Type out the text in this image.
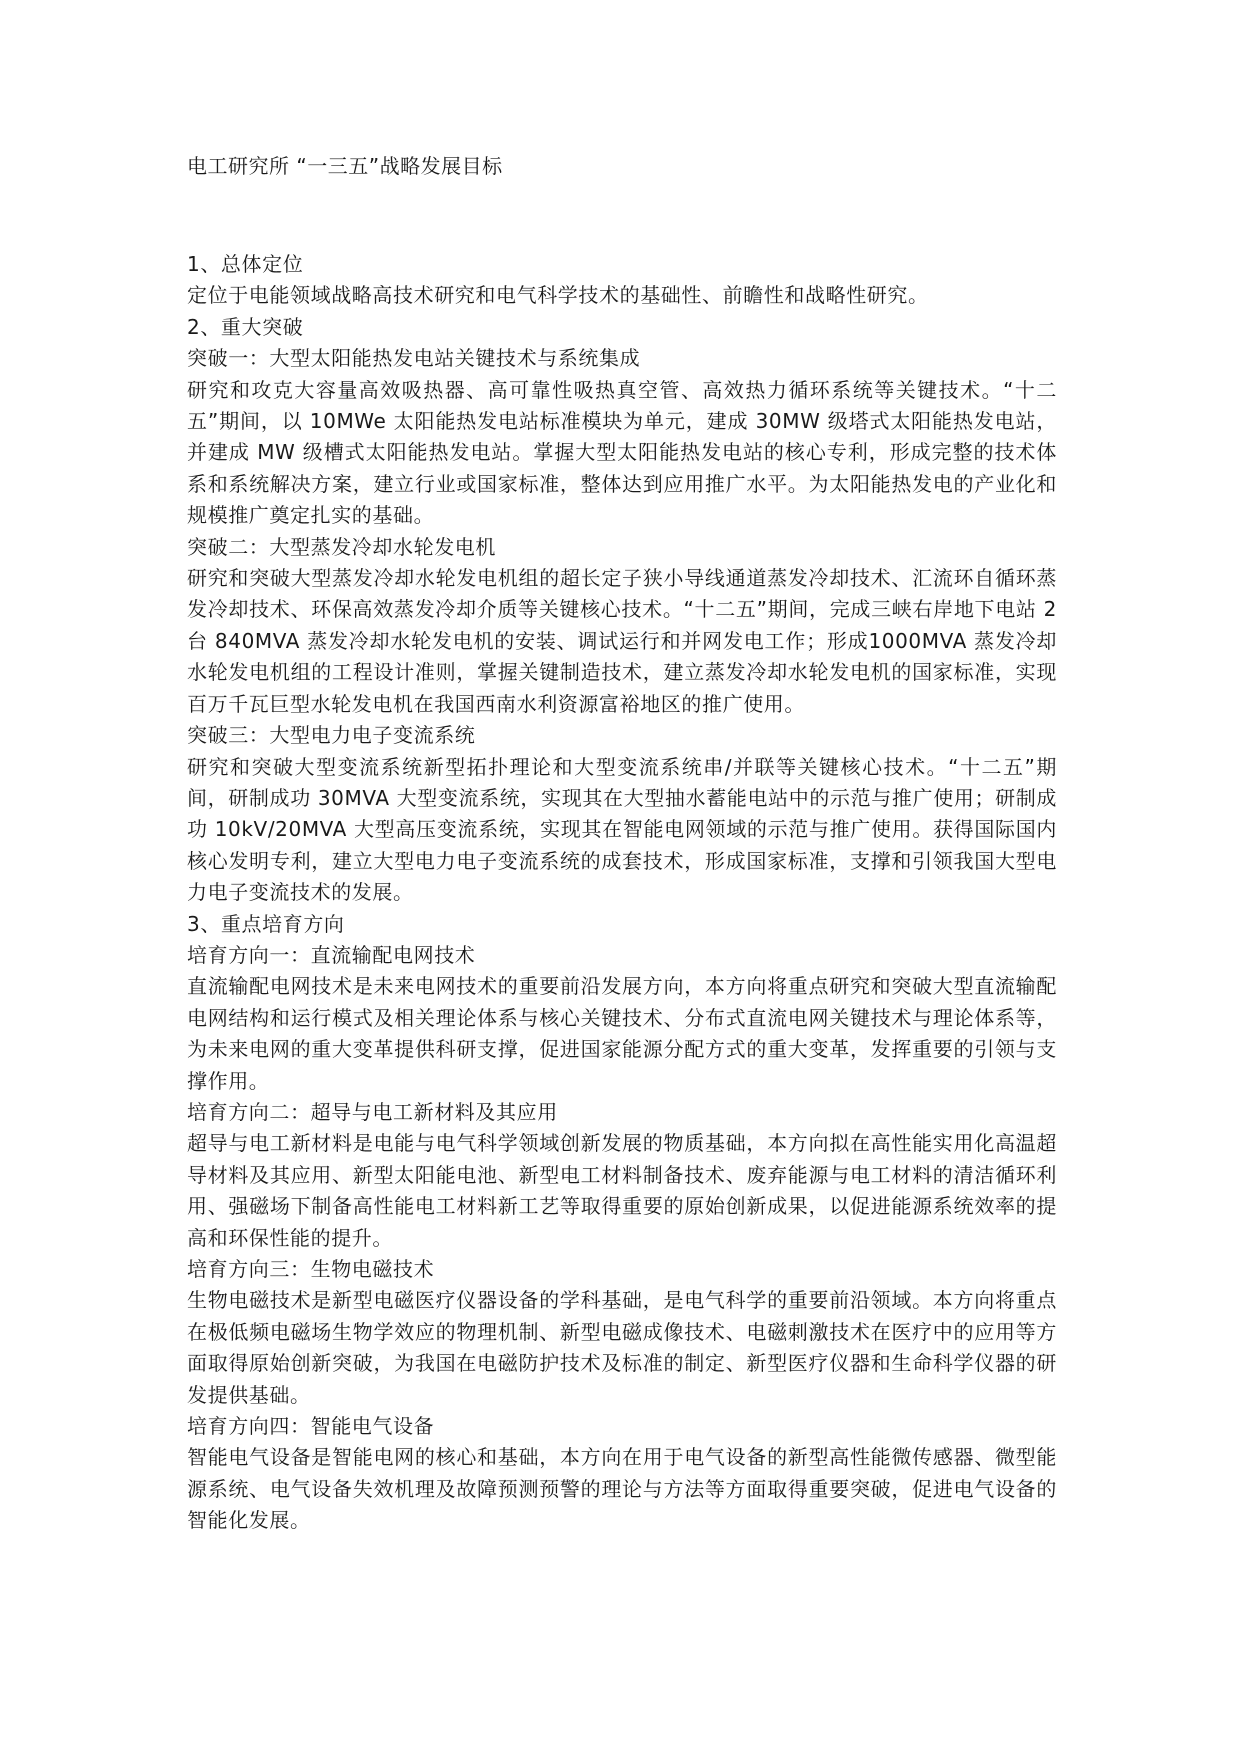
电工研究所 “一三五”战略发展目标

1、总体定位

定位于电能领域战略高技术研究和电气科学技术的基础性、前瞻性和战略性研究。

2、重大突破

突破一：大型太阳能热发电站关键技术与系统集成

研究和攻克大容量高效吸热器、高可靠性吸热真空管、高效热力循环系统等关键技术。“十二五”期间，以 10MWe 太阳能热发电站标准模块为单元，建成 30MW 级塔式太阳能热发电站，并建成 MW 级槽式太阳能热发电站。掌握大型太阳能热发电站的核心专利，形成完整的技术体系和系统解决方案，建立行业或国家标准，整体达到应用推广水平。为太阳能热发电的产业化和规模推广奠定扎实的基础。

突破二：大型蒸发冷却水轮发电机

研究和突破大型蒸发冷却水轮发电机组的超长定子狭小导线通道蒸发冷却技术、汇流环自循环蒸发冷却技术、环保高效蒸发冷却介质等关键核心技术。“十二五”期间，完成三峡右岸地下电站 2 台 840MVA 蒸发冷却水轮发电机的安装、调试运行和并网发电工作；形成1000MVA 蒸发冷却水轮发电机组的工程设计准则，掌握关键制造技术，建立蒸发冷却水轮发电机的国家标准，实现百万千瓦巨型水轮发电机在我国西南水利资源富裕地区的推广使用。

突破三：大型电力电子变流系统

研究和突破大型变流系统新型拓扑理论和大型变流系统串/并联等关键核心技术。“十二五”期间，研制成功 30MVA 大型变流系统，实现其在大型抽水蓄能电站中的示范与推广使用；研制成功 10kV/20MVA 大型高压变流系统，实现其在智能电网领域的示范与推广使用。获得国际国内核心发明专利，建立大型电力电子变流系统的成套技术，形成国家标准，支撑和引领我国大型电力电子变流技术的发展。

3、重点培育方向

培育方向一：直流输配电网技术

直流输配电网技术是未来电网技术的重要前沿发展方向，本方向将重点研究和突破大型直流输配电网结构和运行模式及相关理论体系与核心关键技术、分布式直流电网关键技术与理论体系等，为未来电网的重大变革提供科研支撑，促进国家能源分配方式的重大变革，发挥重要的引领与支撑作用。

培育方向二：超导与电工新材料及其应用

超导与电工新材料是电能与电气科学领域创新发展的物质基础，本方向拟在高性能实用化高温超导材料及其应用、新型太阳能电池、新型电工材料制备技术、废弃能源与电工材料的清洁循环利用、强磁场下制备高性能电工材料新工艺等取得重要的原始创新成果，以促进能源系统效率的提高和环保性能的提升。

培育方向三：生物电磁技术

生物电磁技术是新型电磁医疗仪器设备的学科基础，是电气科学的重要前沿领域。本方向将重点在极低频电磁场生物学效应的物理机制、新型电磁成像技术、电磁刺激技术在医疗中的应用等方面取得原始创新突破，为我国在电磁防护技术及标准的制定、新型医疗仪器和生命科学仪器的研发提供基础。

培育方向四：智能电气设备

智能电气设备是智能电网的核心和基础，本方向在用于电气设备的新型高性能微传感器、微型能源系统、电气设备失效机理及故障预测预警的理论与方法等方面取得重要突破，促进电气设备的智能化发展。
